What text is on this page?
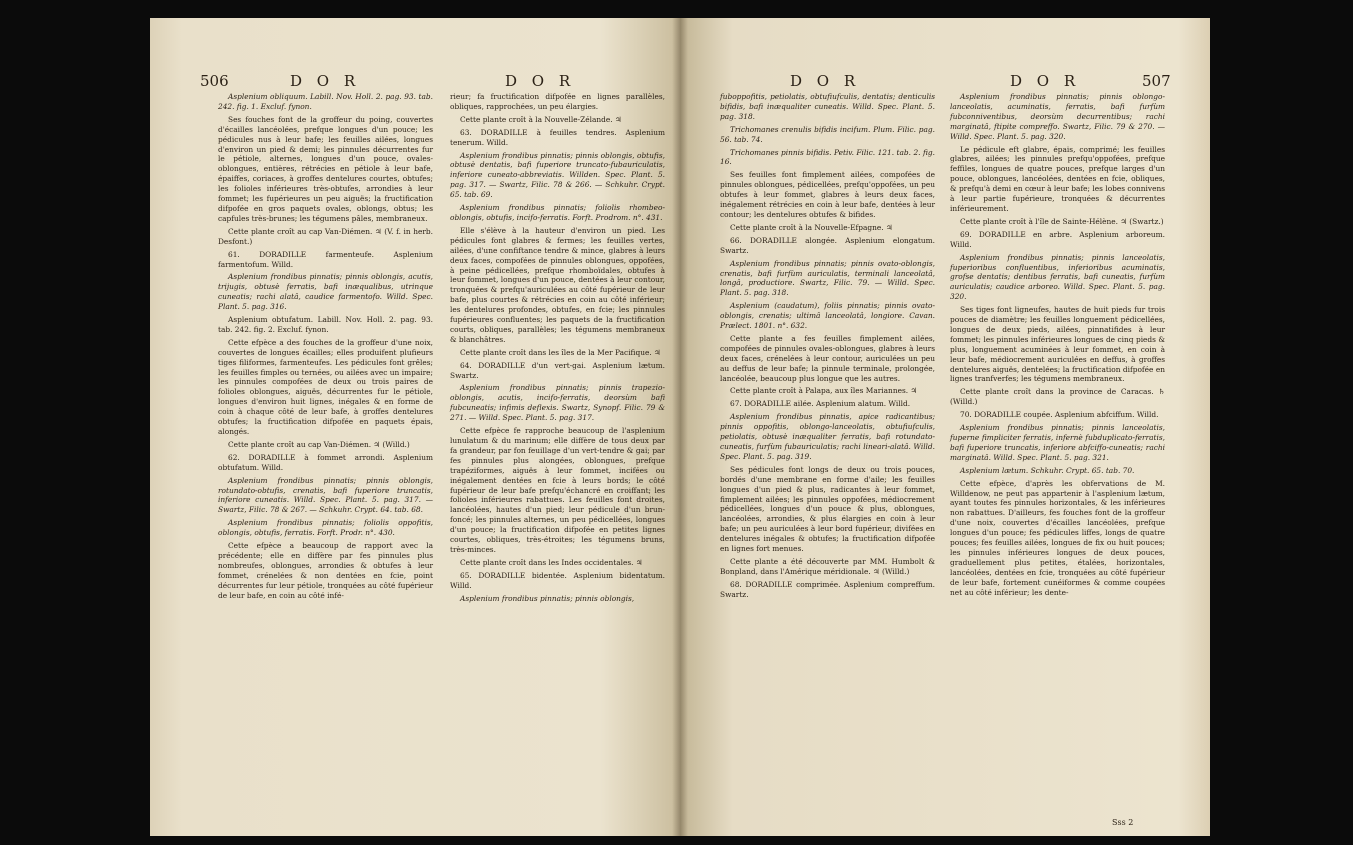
506	D O R	D O R

Asplenium obliquum. Labill. Nov. Holl. 2. pag. 93. tab. 242. fig. 1. Excluf. fynon.

Ses fouches font de la groffeur du poing, couvertes d'écailles lancéolées, prefque longues d'un pouce; les pédicules nus à leur bafe; les feuilles ailées, longues d'environ un pied & demi; les pinnules décurrentes fur le pétiole, alternes, longues d'un pouce, ovales-oblongues, entières, rétrécies en pétiole à leur bafe, épaiffes, coriaces, à groffes dentelures courtes, obtufes; les folioles inférieures très-obtufes, arrondies à leur fommet; les fupérieures un peu aiguës; la fructification difpofée en gros paquets ovales, oblongs, obtus; les capfules très-brunes; les tégumens pâles, membraneux.

Cette plante croît au cap Van-Diémen. ♃ (V. f. in herb. Desfont.)

61. DORADILLE farmenteufe. Asplenium farmentofum. Willd.

Asplenium frondibus pinnatis; pinnis oblongis, acutis, trijugis, obtusè ferratis, bafi inæqualibus, utrinque cuneatis; rachi alatâ, caudice farmentofo. Willd. Spec. Plant. 5. pag. 316.

Asplenium obtufatum. Labill. Nov. Holl. 2. pag. 93. tab. 242. fig. 2. Excluf. fynon.

Cette efpèce a des fouches de la groffeur d'une noix, couvertes de longues écailles; elles produifent plufieurs tiges filiformes, farmenteufes. Les pédicules font grêles; les feuilles fimples ou ternées, ou ailées avec un impaire; les pinnules compofées de deux ou trois paires de folioles oblongues, aiguës, décurrentes fur le pétiole, longues d'environ huit lignes, inégales & en forme de coin à chaque côté de leur bafe, à groffes dentelures obtufes; la fructification difpofée en paquets épais, alongés.

Cette plante croît au cap Van-Diémen. ♃ (Willd.)

62. DORADILLE à fommet arrondi. Asplenium obtufatum. Willd.

Asplenium frondibus pinnatis; pinnis oblongis, rotundato-obtufis, crenatis, bafi fuperiore truncatis, inferiore cuneatis. Willd. Spec. Plant. 5. pag. 317. — Swartz, Filic. 78 & 267. — Schkuhr. Crypt. 64. tab. 68.

Asplenium frondibus pinnatis; foliolis oppofitis, oblongis, obtufis, ferratis. Forft. Prodr. n°. 430.

Cette efpèce a beaucoup de rapport avec la précédente; elle en diffère par fes pinnules plus nombreufes, oblongues, arrondies & obtufes à leur fommet, crénelées & non dentées en fcie, point décurrentes fur leur pétiole, tronquées au côté fupérieur de leur bafe, en coin au côté infé-

rieur; fa fructification difpofée en lignes parallèles, obliques, rapprochées, un peu élargies.

Cette plante croît à la Nouvelle-Zélande. ♃

63. DORADILLE à feuilles tendres. Asplenium tenerum. Willd.

Asplenium frondibus pinnatis; pinnis oblongis, obtufis, obtusè dentatis, bafi fuperiore truncato-fubauriculatis, inferiore cuneato-abbreviatis. Willden. Spec. Plant. 5. pag. 317. — Swartz, Filic. 78 & 266. — Schkuhr. Crypt. 65. tab. 69.

Asplenium frondibus pinnatis; foliolis rhombeo-oblongis, obtufis, incifo-ferratis. Forft. Prodrom. n°. 431.

Elle s'élève à la hauteur d'environ un pied. Les pédicules font glabres & fermes; les feuilles vertes, ailées, d'une confiftance tendre & mince, glabres à leurs deux faces, compofées de pinnules oblongues, oppofées, à peine pédicellées, prefque rhomboïdales, obtufes à leur fommet, longues d'un pouce, dentées à leur contour, tronquées & prefqu'auriculées au côté fupérieur de leur bafe, plus courtes & rétrécies en coin au côté inférieur; les dentelures profondes, obtufes, en fcie; les pinnules fupérieures confluentes; les paquets de la fructification courts, obliques, parallèles; les tégumens membraneux & blanchâtres.

Cette plante croît dans les îles de la Mer Pacifique. ♃

64. DORADILLE d'un vert-gai. Asplenium lætum. Swartz.

Asplenium frondibus pinnatis; pinnis trapezio-oblongis, acutis, incifo-ferratis, deorsùm bafi fubcuneatis; infimis deflexis. Swartz, Synopf. Filic. 79 & 271. — Willd. Spec. Plant. 5. pag. 317.

Cette efpèce fe rapproche beaucoup de l'asplenium lunulatum & du marinum; elle diffère de tous deux par fa grandeur, par fon feuillage d'un vert-tendre & gai; par fes pinnules plus alongées, oblongues, prefque trapéziformes, aiguës à leur fommet, incifées ou inégalement dentées en fcie à leurs bords; le côté fupérieur de leur bafe prefqu'échancré en croiffant; les folioles inférieures rabattues. Les feuilles font droites, lancéolées, hautes d'un pied; leur pédicule d'un brun-foncé; les pinnules alternes, un peu pédicellées, longues d'un pouce; la fructification difpofée en petites lignes courtes, obliques, très-étroites; les tégumens bruns, très-minces.

Cette plante croît dans les Indes occidentales. ♃

65. DORADILLE bidentée. Asplenium bidentatum. Willd.

Asplenium frondibus pinnatis; pinnis oblongis,

D O R	D O R	507

fuboppofitis, petiolatis, obtufiufculis, dentatis; denticulis bifidis, bafi inæqualiter cuneatis. Willd. Spec. Plant. 5. pag. 318.

Trichomanes crenulis bifidis incifum. Plum. Filic. pag. 56. tab. 74.

Trichomanes pinnis bifidis. Petiv. Filic. 121. tab. 2. fig. 16.

Ses feuilles font fimplement ailées, compofées de pinnules oblongues, pédicellées, prefqu'oppofées, un peu obtufes à leur fommet, glabres à leurs deux faces, inégalement rétrécies en coin à leur bafe, dentées à leur contour; les dentelures obtufes & bifides.

Cette plante croît à la Nouvelle-Efpagne. ♃

66. DORADILLE alongée. Asplenium elongatum. Swartz.

Asplenium frondibus pinnatis; pinnis ovato-oblongis, crenatis, bafi furfùm auriculatis, terminali lanceolatâ, longâ, productiore. Swartz, Filic. 79. — Willd. Spec. Plant. 5. pag. 318.

Asplenium (caudatum), foliis pinnatis; pinnis ovato-oblongis, crenatis; ultimâ lanceolatâ, longiore. Cavan. Prælect. 1801. n°. 632.

Cette plante a fes feuilles fimplement ailées, compofées de pinnules ovales-oblongues, glabres à leurs deux faces, crénelées à leur contour, auriculées un peu au deffus de leur bafe; la pinnule terminale, prolongée, lancéolée, beaucoup plus longue que les autres.

Cette plante croît à Palapa, aux îles Mariannes. ♃

67. DORADILLE ailée. Asplenium alatum. Willd.

Asplenium frondibus pinnatis, apice radicantibus; pinnis oppofitis, oblongo-lanceolatis, obtufiufculis, petiolatis, obtusè inæqualiter ferratis, bafi rotundato-cuneatis, furfùm fubauriculatis; rachi lineari-alatâ. Willd. Spec. Plant. 5. pag. 319.

Ses pédicules font longs de deux ou trois pouces, bordés d'une membrane en forme d'aile; les feuilles longues d'un pied & plus, radicantes à leur fommet, fimplement ailées; les pinnules oppofées, médiocrement pédicellées, longues d'un pouce & plus, oblongues, lancéolées, arrondies, & plus élargies en coin à leur bafe; un peu auriculées à leur bord fupérieur, divifées en dentelures inégales & obtufes; la fructification difpofée en lignes fort menues.

Cette plante a été découverte par MM. Humbolt & Bonpland, dans l'Amérique méridionale. ♃ (Willd.)

68. DORADILLE comprimée. Asplenium compreffum. Swartz.

Asplenium frondibus pinnatis; pinnis oblongo-lanceolatis, acuminatis, ferratis, bafi furfùm fubconniventibus, deorsùm decurrentibus; rachi marginatâ, ftipite compreffo. Swartz, Filic. 79 & 270. — Willd. Spec. Plant. 5. pag. 320.

Le pédicule eft glabre, épais, comprimé; les feuilles glabres, ailées; les pinnules prefqu'oppofées, prefque feffiles, longues de quatre pouces, prefque larges d'un pouce, oblongues, lancéolées, dentées en fcie, obliques, & prefqu'à demi en cœur à leur bafe; les lobes connivens à leur partie fupérieure, tronquées & décurrentes inférieurement.

Cette plante croît à l'île de Sainte-Hélène. ♃ (Swartz.)

69. DORADILLE en arbre. Asplenium arboreum. Willd.

Asplenium frondibus pinnatis; pinnis lanceolatis, fuperioribus confluentibus, inferioribus acuminatis, grofse dentatis; dentibus ferratis, bafi cuneatis, furfùm auriculatis; caudice arboreo. Willd. Spec. Plant. 5. pag. 320.

Ses tiges font ligneufes, hautes de huit pieds fur trois pouces de diamètre; les feuilles longuement pédicellées, longues de deux pieds, ailées, pinnatifides à leur fommet; les pinnules inférieures longues de cinq pieds & plus, longuement acuminées à leur fommet, en coin à leur bafe, médiocrement auriculées en deffus, à groffes dentelures aiguës, dentelées; la fructification difpofée en lignes tranfverfes; les tégumens membraneux.

Cette plante croît dans la province de Caracas. ♄ (Willd.)

70. DORADILLE coupée. Asplenium abfciffum. Willd.

Asplenium frondibus pinnatis; pinnis lanceolatis, fuperne fimpliciter ferratis, infernè fubduplicato-ferratis, bafi fuperiore truncatis, inferiore abfciffo-cuneatis; rachi marginatâ. Willd. Spec. Plant. 5. pag. 321.

Asplenium lætum. Schkuhr. Crypt. 65. tab. 70.

Cette efpèce, d'après les obfervations de M. Willdenow, ne peut pas appartenir à l'asplenium lætum, ayant toutes fes pinnules horizontales, & les inférieures non rabattues. D'ailleurs, fes fouches font de la groffeur d'une noix, couvertes d'écailles lancéolées, prefque longues d'un pouce; fes pédicules liffes, longs de quatre pouces; fes feuilles ailées, longues de fix ou huit pouces; les pinnules inférieures longues de deux pouces, graduellement plus petites, étalées, horizontales, lancéolées, dentées en fcie, tronquées au côté fupérieur de leur bafe, fortement cunéiformes & comme coupées net au côté inférieur; les dente-

Sss 2
